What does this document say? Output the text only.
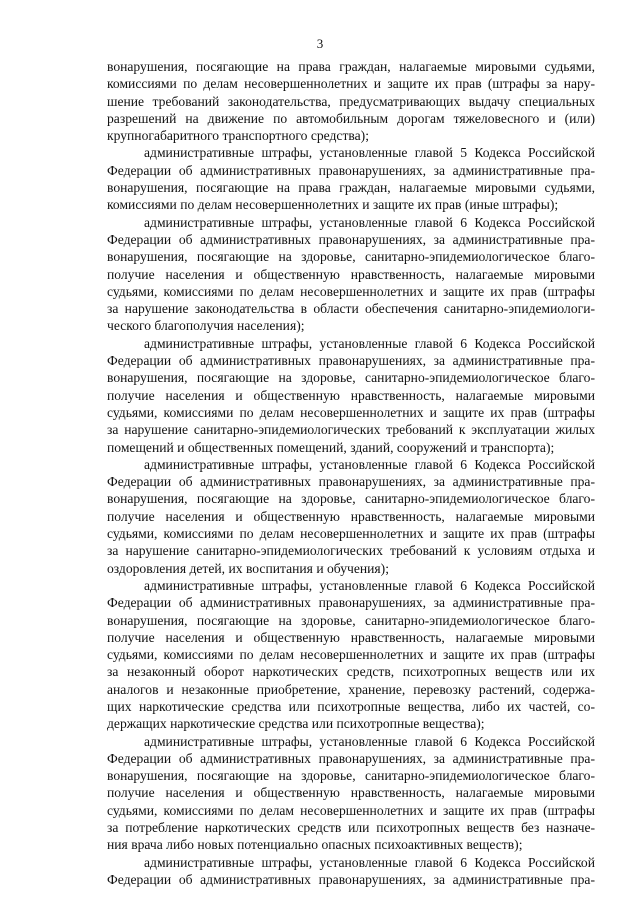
3
вонарушения, посягающие на права граждан, налагаемые мировыми судьями,
комиссиями по делам несовершеннолетних и защите их прав (штрафы за нару-
шение требований законодательства, предусматривающих выдачу специальных
разрешений на движение по автомобильным дорогам тяжеловесного и (или)
крупногабаритного транспортного средства);
административные штрафы, установленные главой 5 Кодекса Российской
Федерации об административных правонарушениях, за административные пра-
вонарушения, посягающие на права граждан, налагаемые мировыми судьями,
комиссиями по делам несовершеннолетних и защите их прав (иные штрафы);
административные штрафы, установленные главой 6 Кодекса Российской
Федерации об административных правонарушениях, за административные пра-
вонарушения, посягающие на здоровье, санитарно-эпидемиологическое благо-
получие населения и общественную нравственность, налагаемые мировыми
судьями, комиссиями по делам несовершеннолетних и защите их прав (штрафы
за нарушение законодательства в области обеспечения санитарно-эпидемиологи-
ческого благополучия населения);
административные штрафы, установленные главой 6 Кодекса Российской
Федерации об административных правонарушениях, за административные пра-
вонарушения, посягающие на здоровье, санитарно-эпидемиологическое благо-
получие населения и общественную нравственность, налагаемые мировыми
судьями, комиссиями по делам несовершеннолетних и защите их прав (штрафы
за нарушение санитарно-эпидемиологических требований к эксплуатации жилых
помещений и общественных помещений, зданий, сооружений и транспорта);
административные штрафы, установленные главой 6 Кодекса Российской
Федерации об административных правонарушениях, за административные пра-
вонарушения, посягающие на здоровье, санитарно-эпидемиологическое благо-
получие населения и общественную нравственность, налагаемые мировыми
судьями, комиссиями по делам несовершеннолетних и защите их прав (штрафы
за нарушение санитарно-эпидемиологических требований к условиям отдыха и
оздоровления детей, их воспитания и обучения);
административные штрафы, установленные главой 6 Кодекса Российской
Федерации об административных правонарушениях, за административные пра-
вонарушения, посягающие на здоровье, санитарно-эпидемиологическое благо-
получие населения и общественную нравственность, налагаемые мировыми
судьями, комиссиями по делам несовершеннолетних и защите их прав (штрафы
за незаконный оборот наркотических средств, психотропных веществ или их
аналогов и незаконные приобретение, хранение, перевозку растений, содержа-
щих наркотические средства или психотропные вещества, либо их частей, со-
держащих наркотические средства или психотропные вещества);
административные штрафы, установленные главой 6 Кодекса Российской
Федерации об административных правонарушениях, за административные пра-
вонарушения, посягающие на здоровье, санитарно-эпидемиологическое благо-
получие населения и общественную нравственность, налагаемые мировыми
судьями, комиссиями по делам несовершеннолетних и защите их прав (штрафы
за потребление наркотических средств или психотропных веществ без назначе-
ния врача либо новых потенциально опасных психоактивных веществ);
административные штрафы, установленные главой 6 Кодекса Российской
Федерации об административных правонарушениях, за административные пра-
